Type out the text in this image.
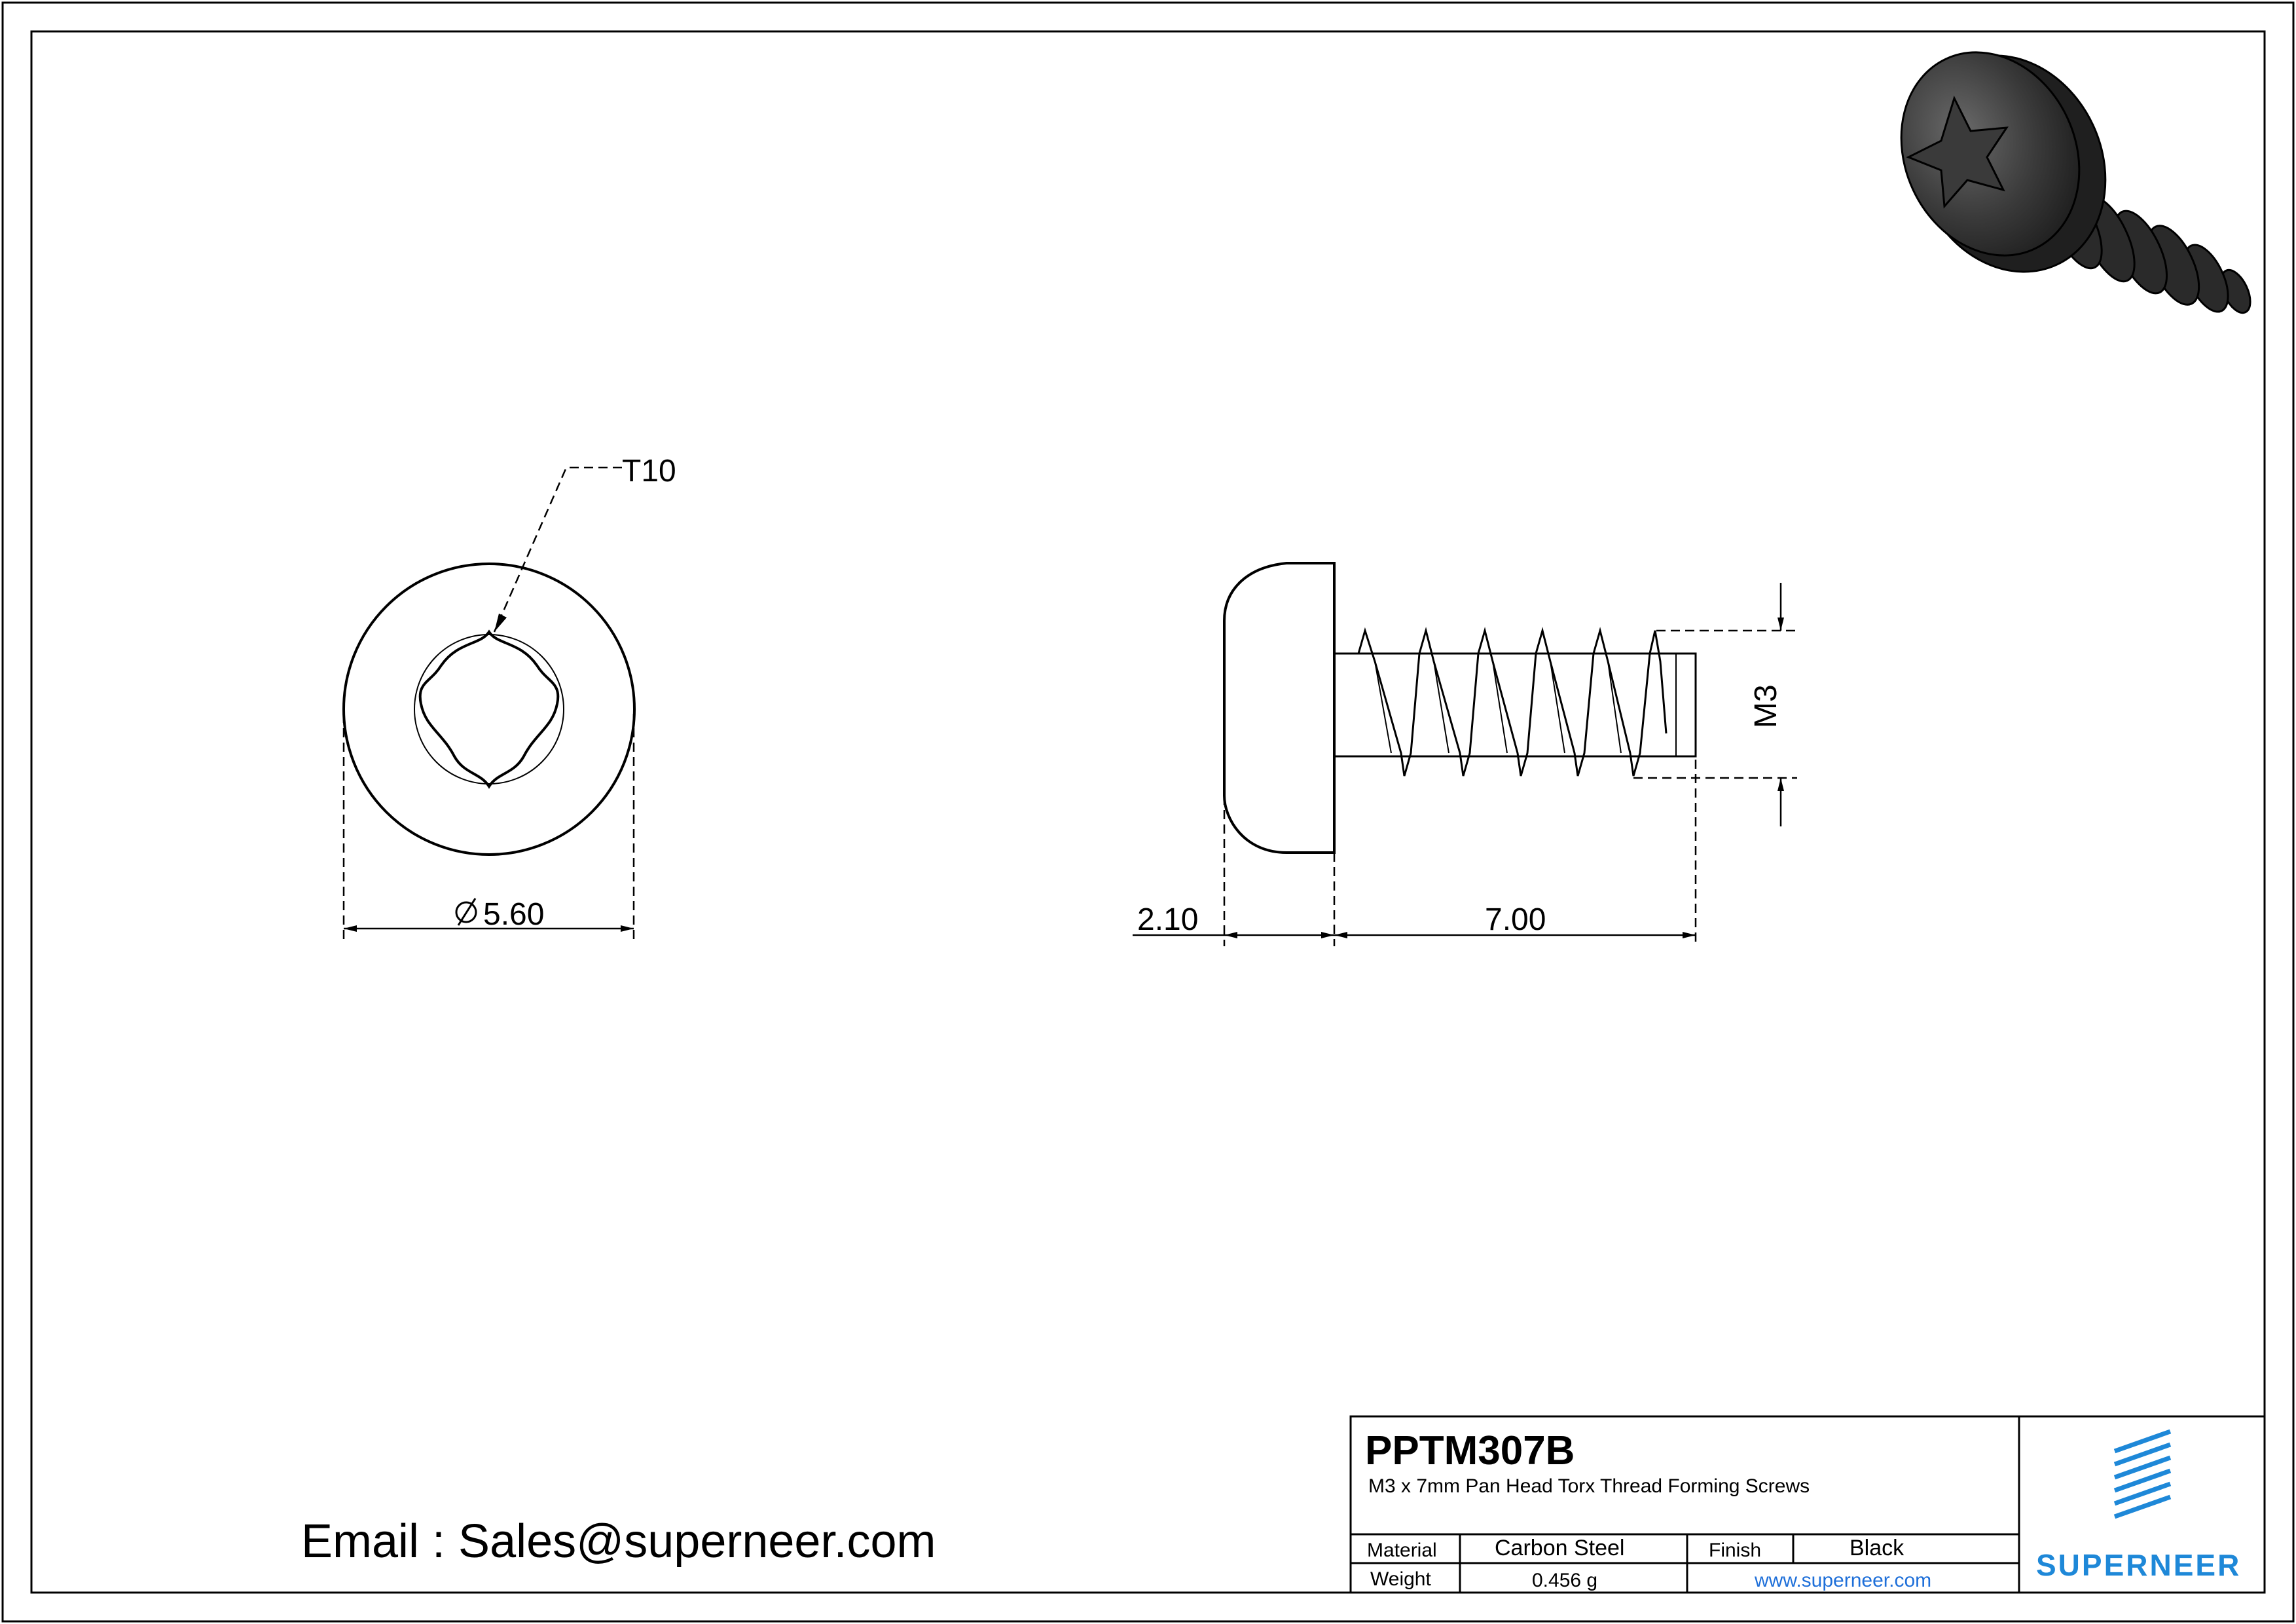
T10
5.60
M3
2.10	7.00
Email : Sales@superneer.com
PPTM307B
M3 x 7mm Pan Head Torx Thread Forming Screws
Material	Carbon Steel	Finish	Black
Weight	0.456 g	www.superneer.com	SUPERNEER
